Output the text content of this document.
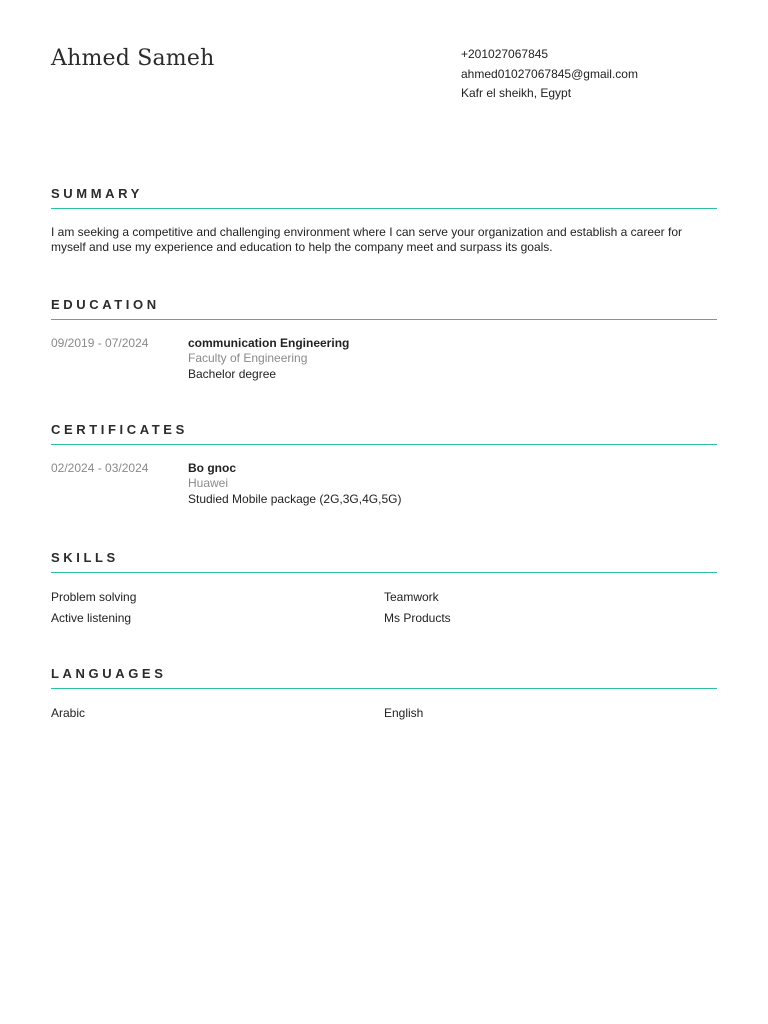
Ahmed Sameh	+201027067845
ahmed01027067845@gmail.com
Kafr el sheikh, Egypt
SUMMARY
I am seeking a competitive and challenging environment where I can serve your organization and establish a career for myself and use my experience and education to help the company meet and surpass its goals.
EDUCATION
09/2019 - 07/2024	communication Engineering
Faculty of Engineering
Bachelor degree
CERTIFICATES
02/2024 - 03/2024	Bo gnoc
Huawei
Studied Mobile package (2G,3G,4G,5G)
SKILLS
Problem solving	Teamwork
Active listening	Ms Products
LANGUAGES
Arabic	English
